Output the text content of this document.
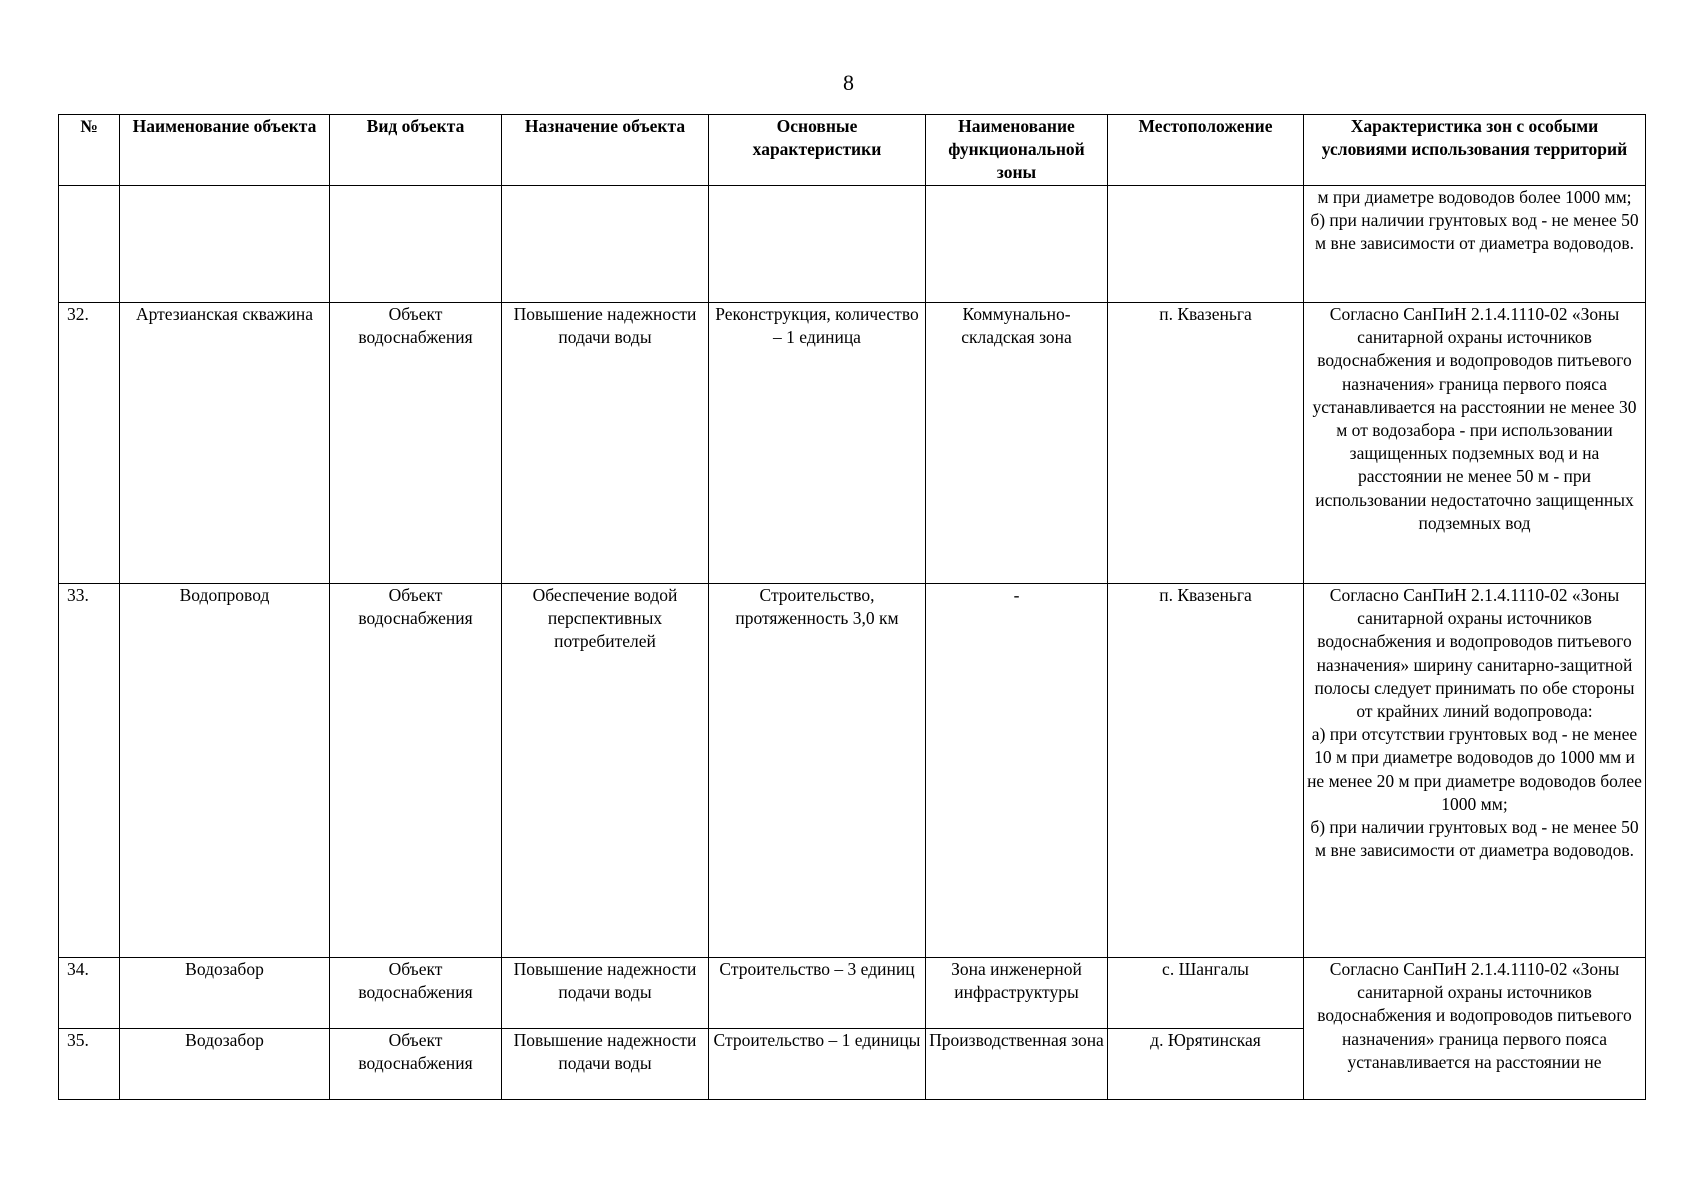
8
№	Наименование объекта	Вид объекта	Назначение объекта	Основные характеристики	Наименование функциональной зоны	Местоположение	Характеристика зон с особыми условиями использования территорий
							м при диаметре водоводов более 1000 мм;
б) при наличии грунтовых вод - не менее 50 м вне зависимости от диаметра водоводов.
32.	Артезианская скважина	Объект водоснабжения	Повышение надежности подачи воды	Реконструкция, количество – 1 единица	Коммунально-складская зона	п. Квазеньга	Согласно СанПиН 2.1.4.1110-02 «Зоны санитарной охраны источников водоснабжения и водопроводов питьевого назначения» граница первого пояса устанавливается на расстоянии не менее 30 м от водозабора - при использовании защищенных подземных вод и на расстоянии не менее 50 м - при использовании недостаточно защищенных подземных вод
33.	Водопровод	Объект водоснабжения	Обеспечение водой перспективных потребителей	Строительство, протяженность 3,0 км	-	п. Квазеньга	Согласно СанПиН 2.1.4.1110-02 «Зоны санитарной охраны источников водоснабжения и водопроводов питьевого назначения» ширину санитарно-защитной полосы следует принимать по обе стороны от крайних линий водопровода:
а) при отсутствии грунтовых вод - не менее 10 м при диаметре водоводов до 1000 мм и не менее 20 м при диаметре водоводов более 1000 мм;
б) при наличии грунтовых вод - не менее 50 м вне зависимости от диаметра водоводов.
34.	Водозабор	Объект водоснабжения	Повышение надежности подачи воды	Строительство – 3 единиц	Зона инженерной инфраструктуры	с. Шангалы	Согласно СанПиН 2.1.4.1110-02 «Зоны санитарной охраны источников водоснабжения и водопроводов питьевого назначения» граница первого пояса устанавливается на расстоянии не
35.	Водозабор	Объект водоснабжения	Повышение надежности подачи воды	Строительство – 1 единицы	Производственная зона	д. Юрятинская	
